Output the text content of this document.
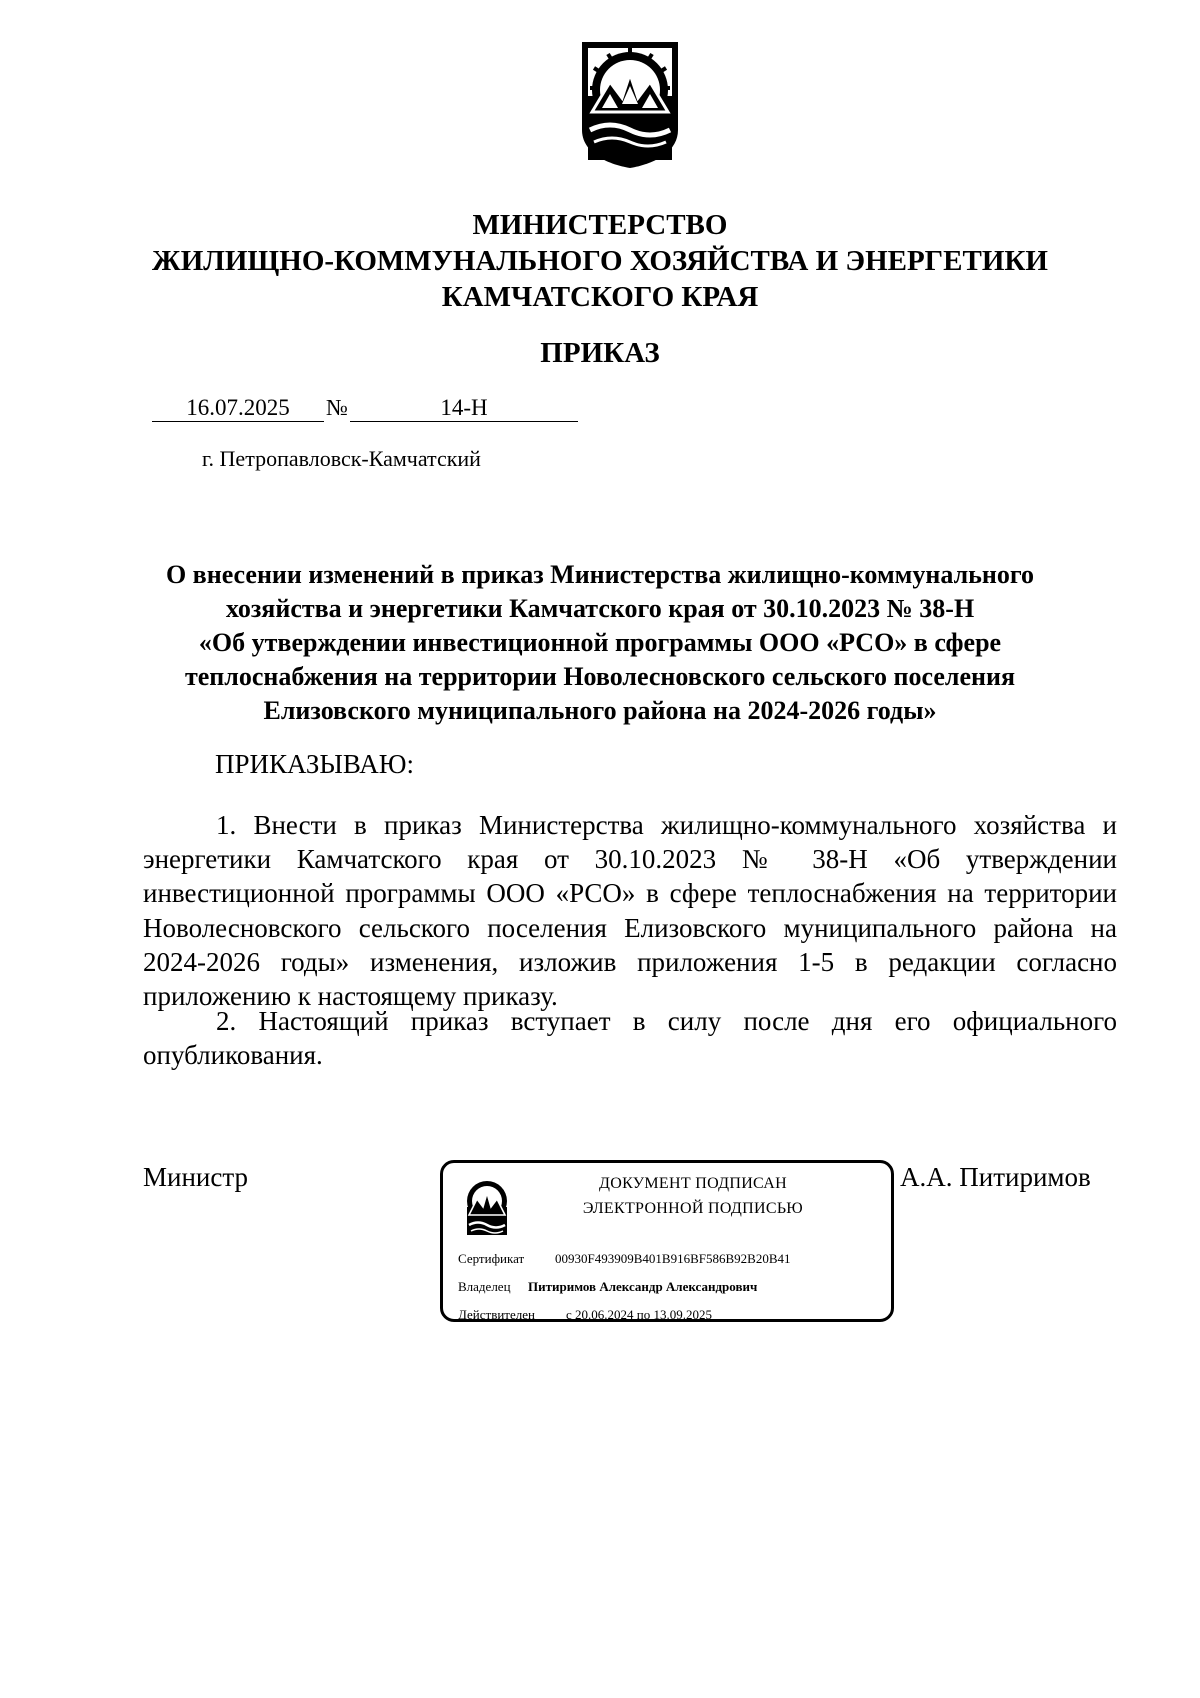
МИНИСТЕРСТВО
ЖИЛИЩНО-КОММУНАЛЬНОГО ХОЗЯЙСТВА И ЭНЕРГЕТИКИ
КАМЧАТСКОГО КРАЯ
ПРИКАЗ
16.07.2025 №	14-Н
г. Петропавловск-Камчатский
О внесении изменений в приказ Министерства жилищно-коммунального
хозяйства и энергетики Камчатского края от 30.10.2023 № 38-Н
«Об утверждении инвестиционной программы ООО «РСО» в сфере
теплоснабжения на территории Новолесновского сельского поселения
Елизовского муниципального района на 2024-2026 годы»
ПРИКАЗЫВАЮ:
1. Внести в приказ Министерства жилищно-коммунального хозяйства и энергетики Камчатского края от 30.10.2023 № 38-Н «Об утверждении инвестиционной программы ООО «РСО» в сфере теплоснабжения на территории Новолесновского сельского поселения Елизовского муниципального района на 2024-2026 годы» изменения, изложив приложения 1-5 в редакции согласно приложению к настоящему приказу.
2. Настоящий приказ вступает в силу после дня его официального опубликования.
Министр	ДОКУМЕНТ ПОДПИСАН
ЭЛЕКТРОННОЙ ПОДПИСЬЮ
Сертификат 00930F493909B401B916BF586B92B20B41
Владелец Питиримов Александр Александрович
Действителен с 20.06.2024 по 13.09.2025
А.А. Питиримов
